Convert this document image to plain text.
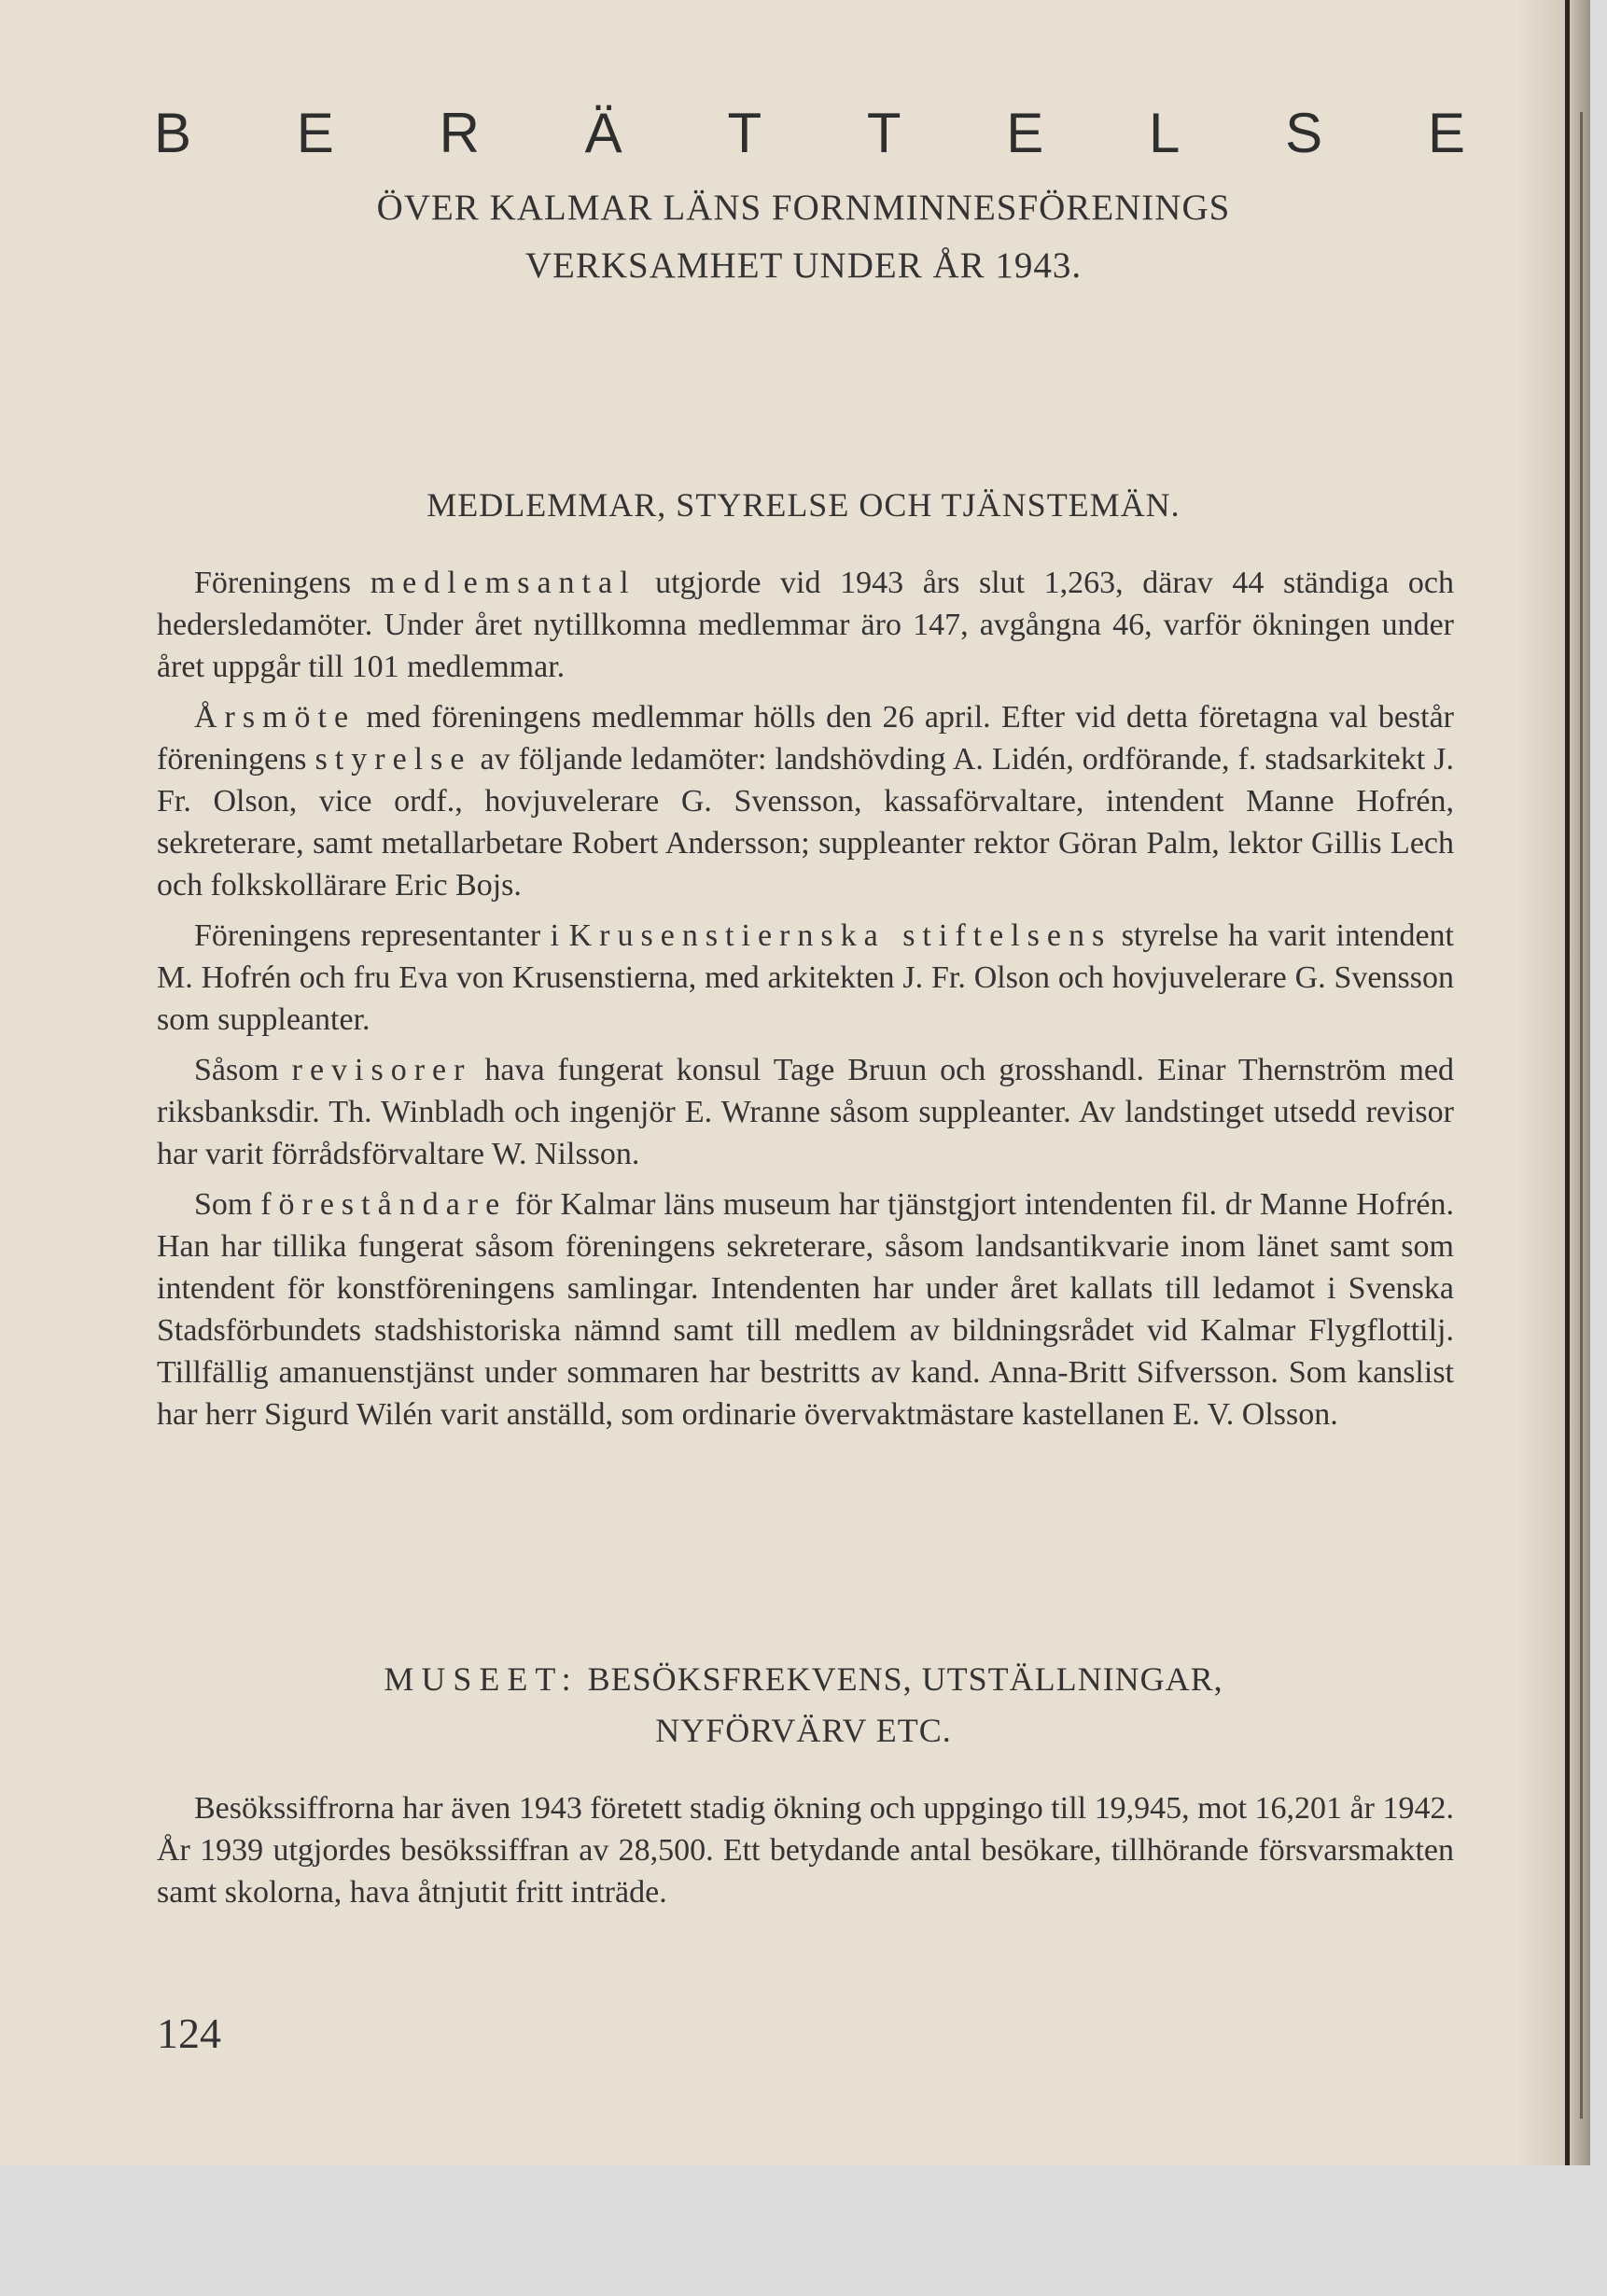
B E R Ä T T E L S E
ÖVER KALMAR LÄNS FORNMINNESFÖRENINGS
VERKSAMHET UNDER ÅR 1943.
MEDLEMMAR, STYRELSE OCH TJÄNSTEMÄN.

Föreningens medlemsantal utgjorde vid 1943 års slut 1,263, därav 44 ständiga och hedersledamöter. Under året nytillkomna medlemmar äro 147, avgångna 46, varför ökningen under året uppgår till 101 medlemmar.

Årsmöte med föreningens medlemmar hölls den 26 april. Efter vid detta företagna val består föreningens styrelse av följande ledamöter: landshövding A. Lidén, ordförande, f. stadsarkitekt J. Fr. Olson, vice ordf., hovjuvelerare G. Svensson, kassaförvaltare, intendent Manne Hofrén, sekreterare, samt metallarbetare Robert Andersson; suppleanter rektor Göran Palm, lektor Gillis Lech och folkskollärare Eric Bojs.

Föreningens representanter i Krusenstiernska stiftelsens styrelse ha varit intendent M. Hofrén och fru Eva von Krusenstierna, med arkitekten J. Fr. Olson och hovjuvelerare G. Svensson som suppleanter.

Såsom revisorer hava fungerat konsul Tage Bruun och grosshandl. Einar Thernström med riksbanksdir. Th. Winbladh och ingenjör E. Wranne såsom suppleanter. Av landstinget utsedd revisor har varit förrådsförvaltare W. Nilsson.

Som föreståndare för Kalmar läns museum har tjänstgjort intendenten fil. dr Manne Hofrén. Han har tillika fungerat såsom föreningens sekreterare, såsom landsantikvarie inom länet samt som intendent för konstföreningens samlingar. Intendenten har under året kallats till ledamot i Svenska Stadsförbundets stadshistoriska nämnd samt till medlem av bildningsrådet vid Kalmar Flygflottilj. Tillfällig amanuenstjänst under sommaren har bestritts av kand. Anna-Britt Sifversson. Som kanslist har herr Sigurd Wilén varit anställd, som ordinarie övervaktmästare kastellanen E. V. Olsson.

MUSEET: BESÖKSFREKVENS, UTSTÄLLNINGAR,
NYFÖRVÄRV ETC.

Besökssiffrorna har även 1943 företett stadig ökning och uppgingo till 19,945, mot 16,201 år 1942. År 1939 utgjordes besökssiffran av 28,500. Ett betydande antal besökare, tillhörande försvarsmakten samt skolorna, hava åtnjutit fritt inträde.

124
